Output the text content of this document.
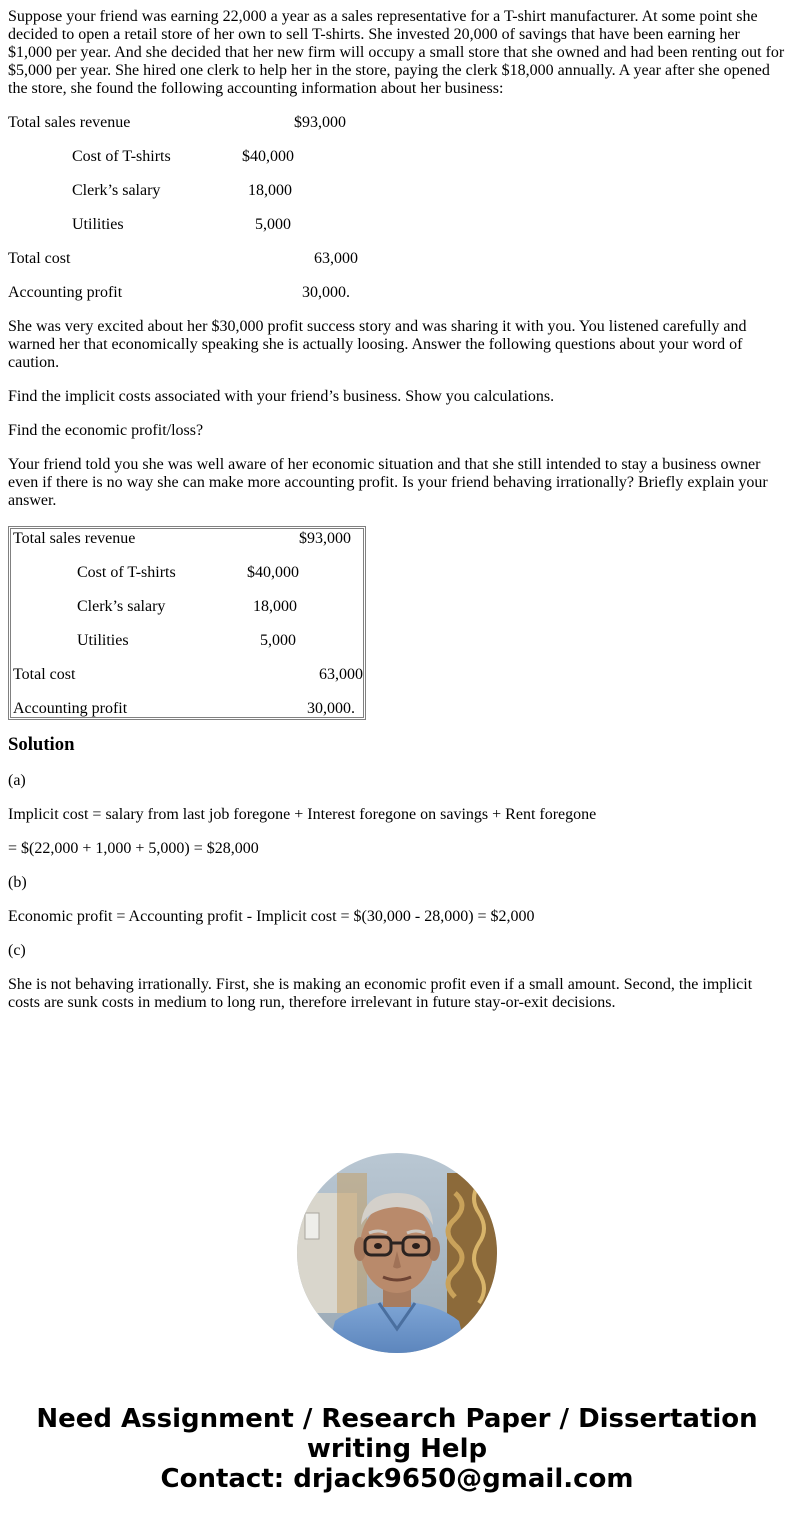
Suppose your friend was earning 22,000 a year as a sales representative for a T-shirt manufacturer. At some point she decided to open a retail store of her own to sell T-shirts. She invested 20,000 of savings that have been earning her $1,000 per year. And she decided that her new firm will occupy a small store that she owned and had been renting out for $5,000 per year. She hired one clerk to help her in the store, paying the clerk $18,000 annually. A year after she opened the store, she found the following accounting information about her business:

Total sales revenue	$93,000
Cost of T-shirts	$40,000
Clerk’s salary	18,000
Utilities	5,000
Total cost	63,000
Accounting profit	30,000.

She was very excited about her $30,000 profit success story and was sharing it with you. You listened carefully and warned her that economically speaking she is actually loosing. Answer the following questions about your word of caution.

Find the implicit costs associated with your friend’s business. Show you calculations.

Find the economic profit/loss?

Your friend told you she was well aware of her economic situation and that she still intended to stay a business owner even if there is no way she can make more accounting profit. Is your friend behaving irrationally? Briefly explain your answer.

Total sales revenue	$93,000
Cost of T-shirts	$40,000
Clerk’s salary	18,000
Utilities	5,000
Total cost	63,000
Accounting profit	30,000.
Solution

(a)

Implicit cost = salary from last job foregone + Interest foregone on savings + Rent foregone

= $(22,000 + 1,000 + 5,000) = $28,000

(b)

Economic profit = Accounting profit - Implicit cost = $(30,000 - 28,000) = $2,000

(c)

She is not behaving irrationally. First, she is making an economic profit even if a small amount. Second, the implicit costs are sunk costs in medium to long run, therefore irrelevant in future stay-or-exit decisions.

Need Assignment / Research Paper / Dissertation
writing Help
Contact: drjack9650@gmail.com
